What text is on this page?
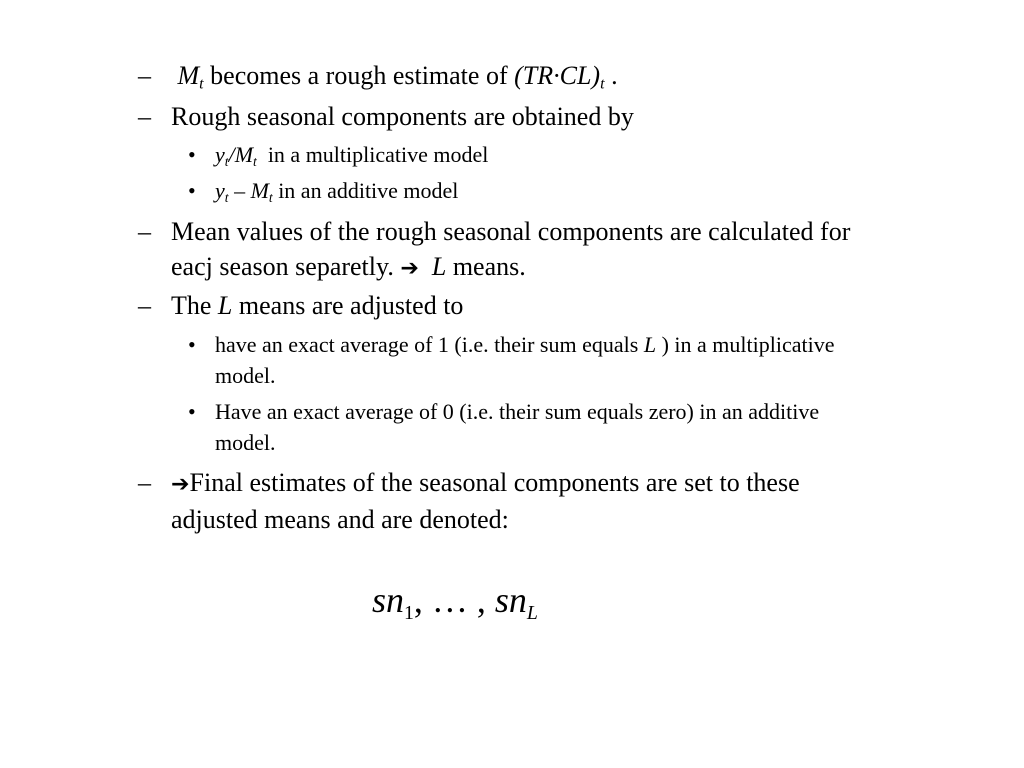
– $M_t$ becomes a rough estimate of $(TR\cdot CL)_t$ .
– Rough seasonal components are obtained by
• $y_t/M_t$  in a multiplicative model
• $y_t - M_t$ in an additive model
– Mean values of the rough seasonal components are calculated for
eacj season separetly. ➔ L means.
– The L means are adjusted to
• have an exact average of 1 (i.e. their sum equals L ) in a multiplicative
model.
• Have an exact average of 0 (i.e. their sum equals zero) in an additive
model.
– ➔Final estimates of the seasonal components are set to these
adjusted means and are denoted:
$sn_1$, … , $sn_L$
